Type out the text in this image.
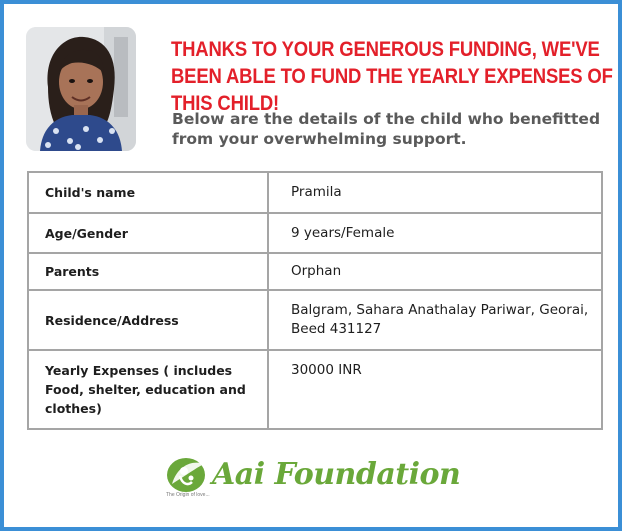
THANKS TO YOUR GENEROUS FUNDING, WE'VE BEEN ABLE TO FUND THE YEARLY EXPENSES OF THIS CHILD!
Below are the details of the child who benefitted from your overwhelming support.
Child's name	Pramila
Age/Gender	9 years/Female
Parents	Orphan
Residence/Address	Balgram, Sahara Anathalay Pariwar, Georai, Beed 431127
Yearly Expenses ( includes Food, shelter, education and clothes)	30000 INR
Aai Foundation
The Origin of love...
